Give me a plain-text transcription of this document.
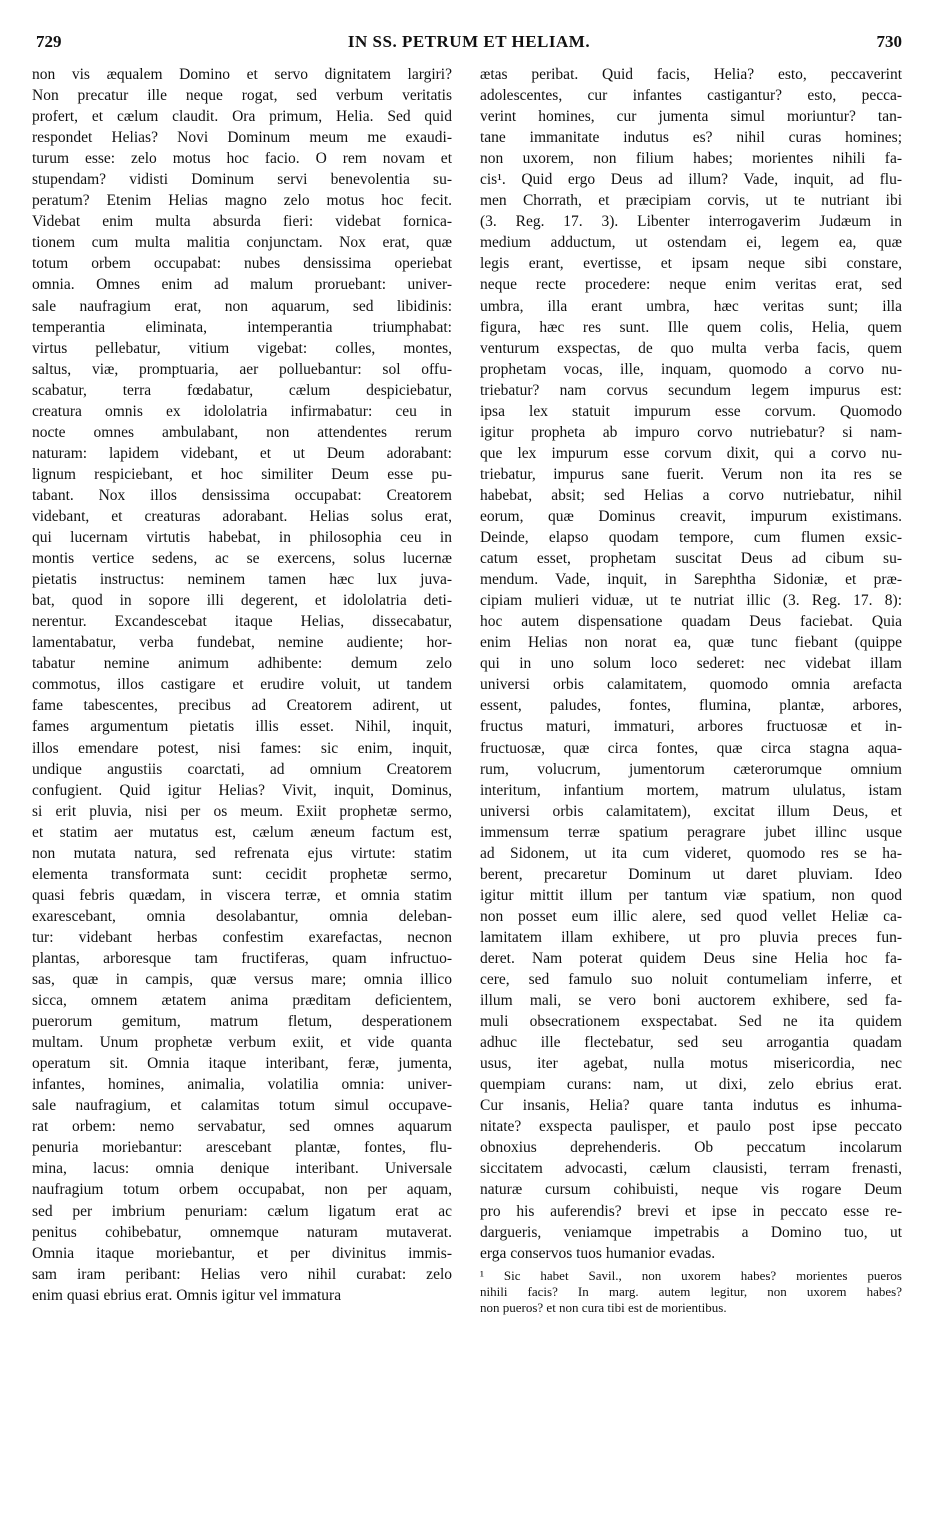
729	IN SS. PETRUM ET HELIAM.	730
non vis æqualem Domino et servo dignitatem largiri?
Non precatur ille neque rogat, sed verbum veritatis
profert, et cælum claudit. Ora primum, Helia. Sed quid
respondet Helias? Novi Dominum meum me exaudi-
turum esse: zelo motus hoc facio. O rem novam et
stupendam? vidisti Dominum servi benevolentia su-
peratum? Etenim Helias magno zelo motus hoc fecit.
Videbat enim multa absurda fieri: videbat fornica-
tionem cum multa malitia conjunctam. Nox erat, quæ
totum orbem occupabat: nubes densissima operiebat
omnia. Omnes enim ad malum proruebant: univer-
sale naufragium erat, non aquarum, sed libidinis:
temperantia eliminata, intemperantia triumphabat:
virtus pellebatur, vitium vigebat: colles, montes,
saltus, viæ, promptuaria, aer polluebantur: sol offu-
scabatur, terra fœdabatur, cælum despiciebatur,
creatura omnis ex idololatria infirmabatur: ceu in
nocte omnes ambulabant, non attendentes rerum
naturam: lapidem videbant, et ut Deum adorabant:
lignum respiciebant, et hoc similiter Deum esse pu-
tabant. Nox illos densissima occupabat: Creatorem
videbant, et creaturas adorabant. Helias solus erat,
qui lucernam virtutis habebat, in philosophia ceu in
montis vertice sedens, ac se exercens, solus lucernæ
pietatis instructus: neminem tamen hæc lux juva-
bat, quod in sopore illi degerent, et idololatria deti-
nerentur. Excandescebat itaque Helias, dissecabatur,
lamentabatur, verba fundebat, nemine audiente; hor-
tabatur nemine animum adhibente: demum zelo
commotus, illos castigare et erudire voluit, ut tandem
fame tabescentes, precibus ad Creatorem adirent, ut
fames argumentum pietatis illis esset. Nihil, inquit,
illos emendare potest, nisi fames: sic enim, inquit,
undique angustiis coarctati, ad omnium Creatorem
confugient. Quid igitur Helias? Vivit, inquit, Dominus,
si erit pluvia, nisi per os meum. Exiit prophetæ sermo,
et statim aer mutatus est, cælum æneum factum est,
non mutata natura, sed refrenata ejus virtute: statim
elementa transformata sunt: cecidit prophetæ sermo,
quasi febris quædam, in viscera terræ, et omnia statim
exarescebant, omnia desolabantur, omnia deleban-
tur: videbant herbas confestim exarefactas, necnon
plantas, arboresque tam fructiferas, quam infructuo-
sas, quæ in campis, quæ versus mare; omnia illico
sicca, omnem ætatem anima præditam deficientem,
puerorum gemitum, matrum fletum, desperationem
multam. Unum prophetæ verbum exiit, et vide quanta
operatum sit. Omnia itaque interibant, feræ, jumenta,
infantes, homines, animalia, volatilia omnia: univer-
sale naufragium, et calamitas totum simul occupave-
rat orbem: nemo servabatur, sed omnes aquarum
penuria moriebantur: arescebant plantæ, fontes, flu-
mina, lacus: omnia denique interibant. Universale
naufragium totum orbem occupabat, non per aquam,
sed per imbrium penuriam: cælum ligatum erat ac
penitus cohibebatur, omnemque naturam mutaverat.
Omnia itaque moriebantur, et per divinitus immis-
sam iram peribant: Helias vero nihil curabat: zelo
enim quasi ebrius erat. Omnis igitur vel immatura
ætas peribat. Quid facis, Helia? esto, peccaverint
adolescentes, cur infantes castigantur? esto, pecca-
verint homines, cur jumenta simul moriuntur? tan-
tane immanitate indutus es? nihil curas homines;
non uxorem, non filium habes; morientes nihili fa-
cis¹. Quid ergo Deus ad illum? Vade, inquit, ad flu-
men Chorrath, et præcipiam corvis, ut te nutriant ibi
(3. Reg. 17. 3). Libenter interrogaverim Judæum in
medium adductum, ut ostendam ei, legem ea, quæ
legis erant, evertisse, et ipsam neque sibi constare,
neque recte procedere: neque enim veritas erat, sed
umbra, illa erant umbra, hæc veritas sunt; illa
figura, hæc res sunt. Ille quem colis, Helia, quem
venturum exspectas, de quo multa verba facis, quem
prophetam vocas, ille, inquam, quomodo a corvo nu-
triebatur? nam corvus secundum legem impurus est:
ipsa lex statuit impurum esse corvum. Quomodo
igitur propheta ab impuro corvo nutriebatur? si nam-
que lex impurum esse corvum dixit, qui a corvo nu-
triebatur, impurus sane fuerit. Verum non ita res se
habebat, absit; sed Helias a corvo nutriebatur, nihil
eorum, quæ Dominus creavit, impurum existimans.
Deinde, elapso quodam tempore, cum flumen exsic-
catum esset, prophetam suscitat Deus ad cibum su-
mendum. Vade, inquit, in Sarephtha Sidoniæ, et præ-
cipiam mulieri viduæ, ut te nutriat illic (3. Reg. 17. 8):
hoc autem dispensatione quadam Deus faciebat. Quia
enim Helias non norat ea, quæ tunc fiebant (quippe
qui in uno solum loco sederet: nec videbat illam
universi orbis calamitatem, quomodo omnia arefacta
essent, paludes, fontes, flumina, plantæ, arbores,
fructus maturi, immaturi, arbores fructuosæ et in-
fructuosæ, quæ circa fontes, quæ circa stagna aqua-
rum, volucrum, jumentorum cæterorumque omnium
interitum, infantium mortem, matrum ululatus, istam
universi orbis calamitatem), excitat illum Deus, et
immensum terræ spatium peragrare jubet illinc usque
ad Sidonem, ut ita cum videret, quomodo res se ha-
berent, precaretur Dominum ut daret pluviam. Ideo
igitur mittit illum per tantum viæ spatium, non quod
non posset eum illic alere, sed quod vellet Heliæ ca-
lamitatem illam exhibere, ut pro pluvia preces fun-
deret. Nam poterat quidem Deus sine Helia hoc fa-
cere, sed famulo suo noluit contumeliam inferre, et
illum mali, se vero boni auctorem exhibere, sed fa-
muli obsecrationem exspectabat. Sed ne ita quidem
adhuc ille flectebatur, sed seu arrogantia quadam
usus, iter agebat, nulla motus misericordia, nec
quempiam curans: nam, ut dixi, zelo ebrius erat.
Cur insanis, Helia? quare tanta indutus es inhuma-
nitate? exspecta paulisper, et paulo post ipse peccato
obnoxius deprehenderis. Ob peccatum incolarum
siccitatem advocasti, cælum clausisti, terram frenasti,
naturæ cursum cohibuisti, neque vis rogare Deum
pro his auferendis? brevi et ipse in peccato esse re-
dargueris, veniamque impetrabis a Domino tuo, ut
erga conservos tuos humanior evadas.
¹ Sic habet Savil., non uxorem habes? morientes pueros
nihili facis? In marg. autem legitur, non uxorem habes?
non pueros? et non cura tibi est de morientibus.
